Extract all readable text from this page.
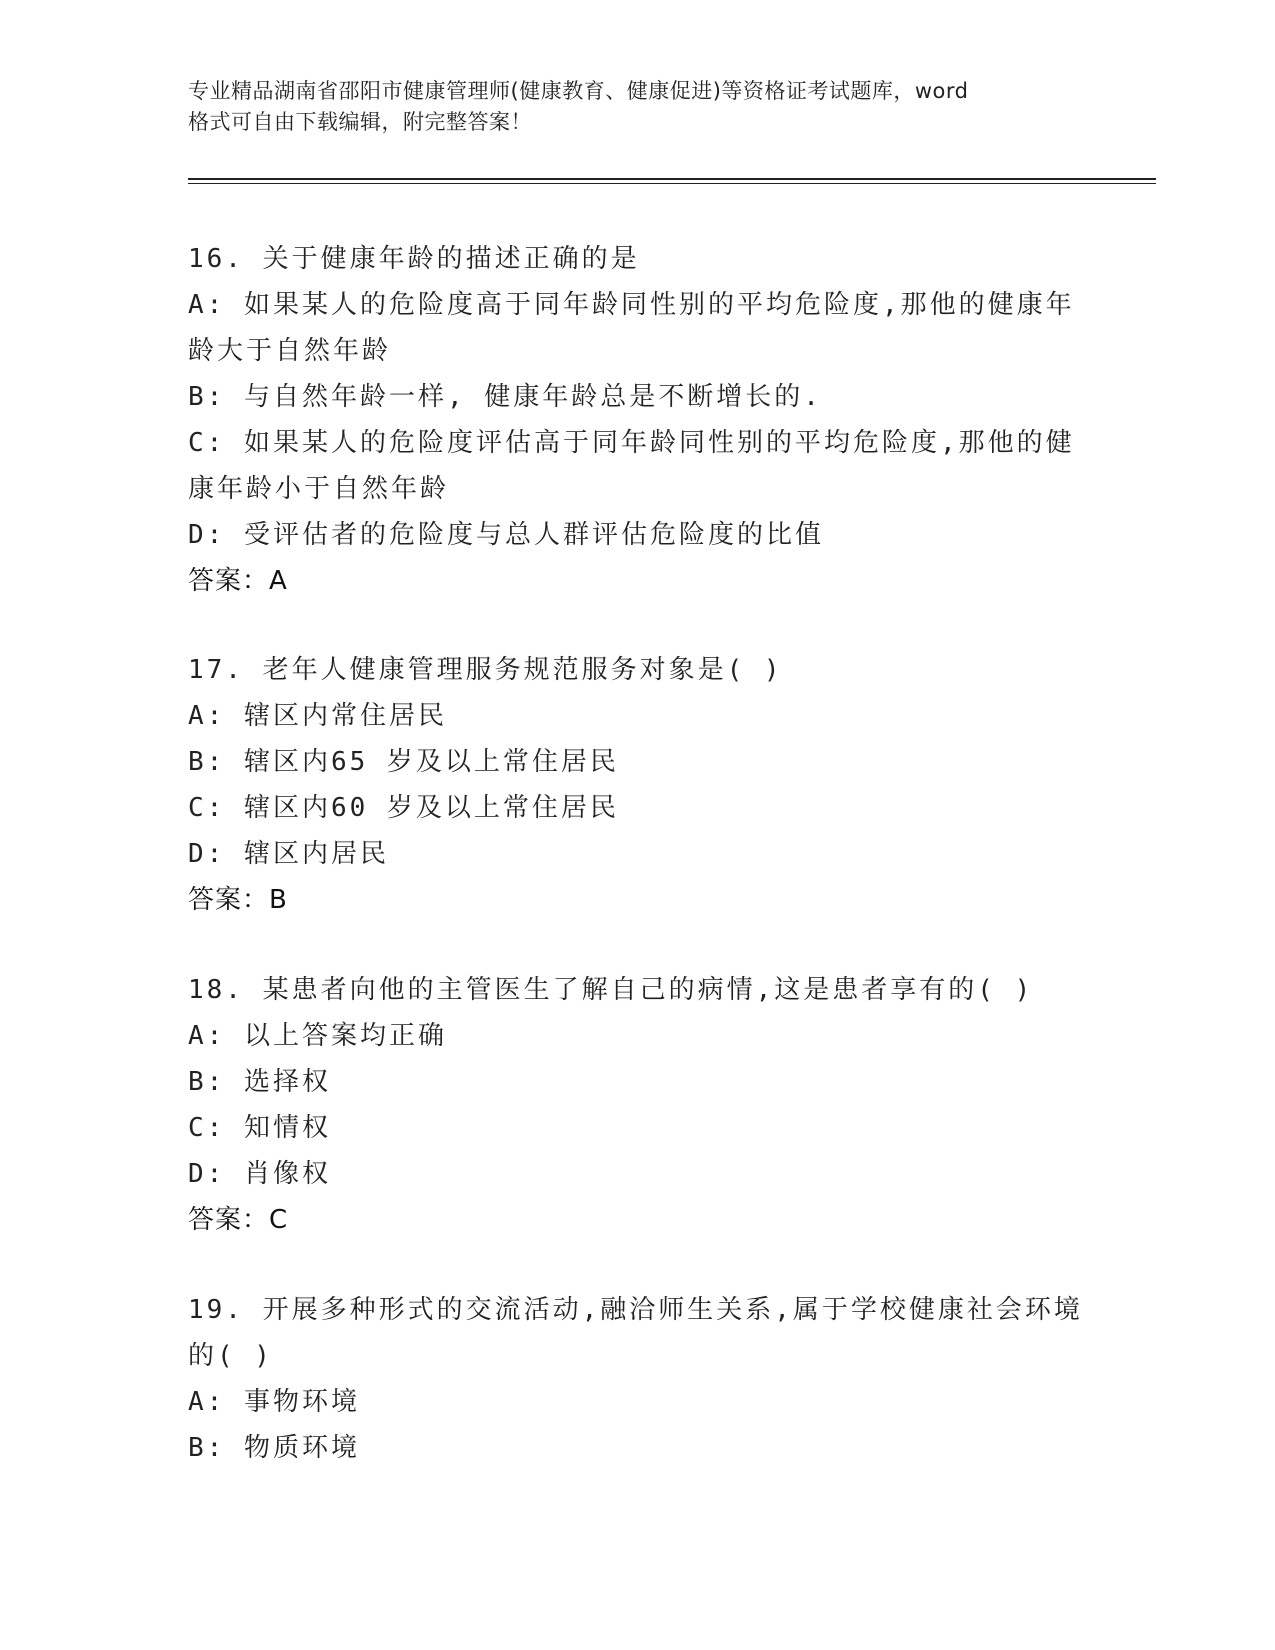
专业精品湖南省邵阳市健康管理师(健康教育、健康促进)等资格证考试题库，word
格式可自由下载编辑，附完整答案！
16. 关于健康年龄的描述正确的是
A: 如果某人的危险度高于同年龄同性别的平均危险度,那他的健康年
龄大于自然年龄
B: 与自然年龄一样, 健康年龄总是不断增长的.
C: 如果某人的危险度评估高于同年龄同性别的平均危险度,那他的健
康年龄小于自然年龄
D: 受评估者的危险度与总人群评估危险度的比值
答案：A
17. 老年人健康管理服务规范服务对象是( )
A: 辖区内常住居民
B: 辖区内65 岁及以上常住居民
C: 辖区内60 岁及以上常住居民
D: 辖区内居民
答案：B
18. 某患者向他的主管医生了解自己的病情,这是患者享有的( )
A: 以上答案均正确
B: 选择权
C: 知情权
D: 肖像权
答案：C
19. 开展多种形式的交流活动,融洽师生关系,属于学校健康社会环境
的( )
A: 事物环境
B: 物质环境
